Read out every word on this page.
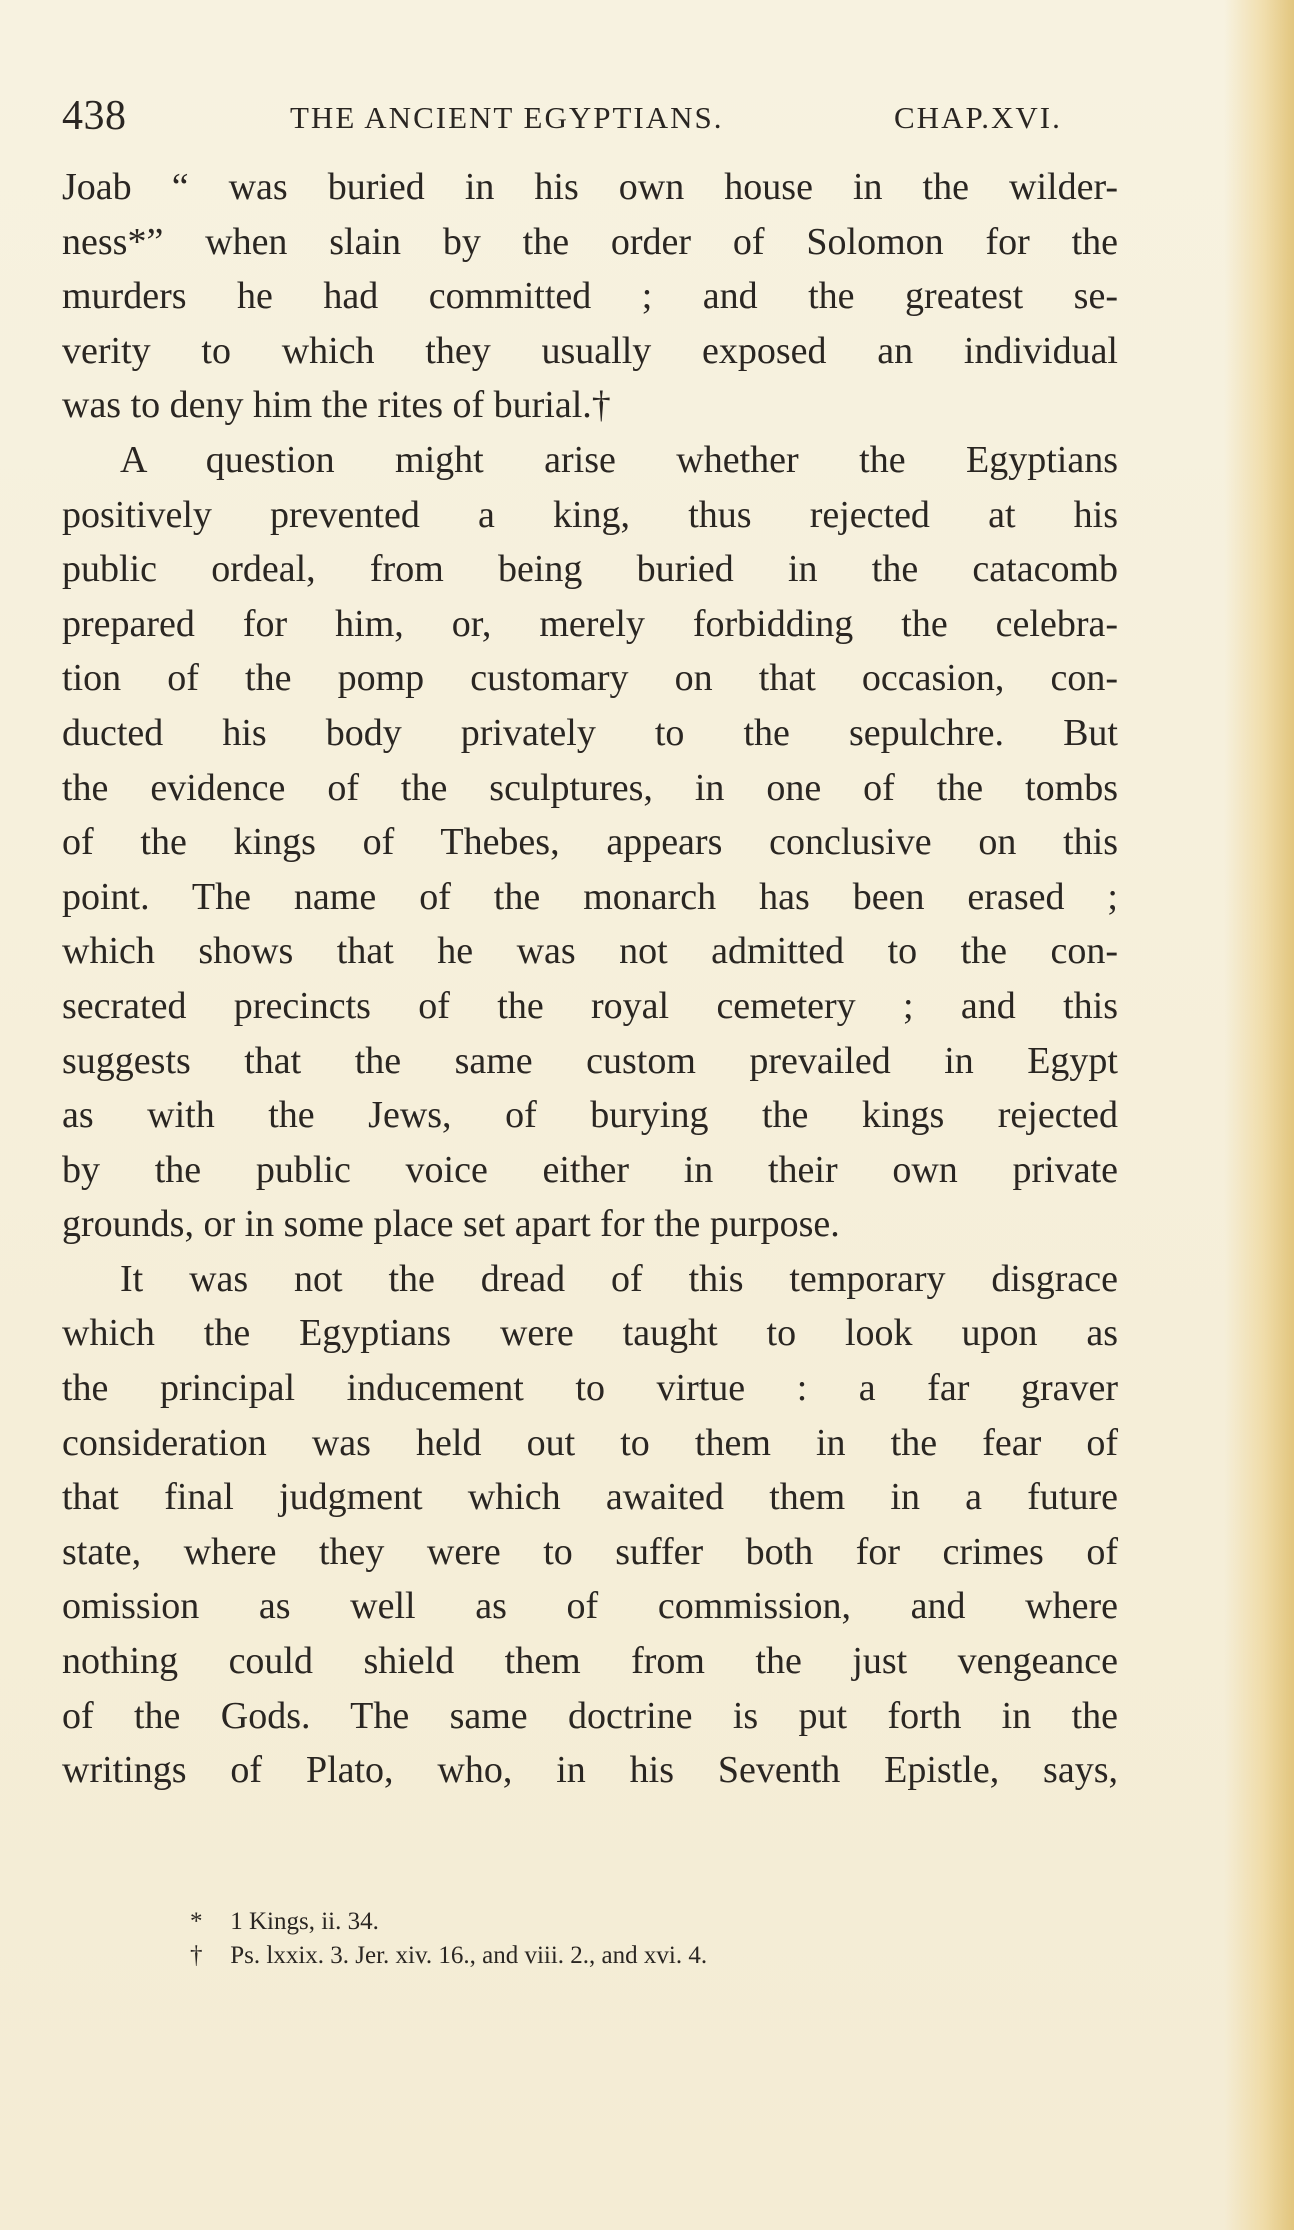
438	THE ANCIENT EGYPTIANS.	CHAP.XVI.
Joab “ was buried in his own house in the wilder-
ness*” when slain by the order of Solomon for the
murders he had committed ; and the greatest se-
verity to which they usually exposed an individual
was to deny him the rites of burial.†
A question might arise whether the Egyptians
positively prevented a king, thus rejected at his
public ordeal, from being buried in the catacomb
prepared for him, or, merely forbidding the celebra-
tion of the pomp customary on that occasion, con-
ducted his body privately to the sepulchre. But
the evidence of the sculptures, in one of the tombs
of the kings of Thebes, appears conclusive on this
point. The name of the monarch has been erased ;
which shows that he was not admitted to the con-
secrated precincts of the royal cemetery ; and this
suggests that the same custom prevailed in Egypt
as with the Jews, of burying the kings rejected
by the public voice either in their own private
grounds, or in some place set apart for the purpose.
It was not the dread of this temporary disgrace
which the Egyptians were taught to look upon as
the principal inducement to virtue : a far graver
consideration was held out to them in the fear of
that final judgment which awaited them in a future
state, where they were to suffer both for crimes of
omission as well as of commission, and where
nothing could shield them from the just vengeance
of the Gods. The same doctrine is put forth in the
writings of Plato, who, in his Seventh Epistle, says,
* 1 Kings, ii. 34.
† Ps. lxxix. 3. Jer. xiv. 16., and viii. 2., and xvi. 4.
